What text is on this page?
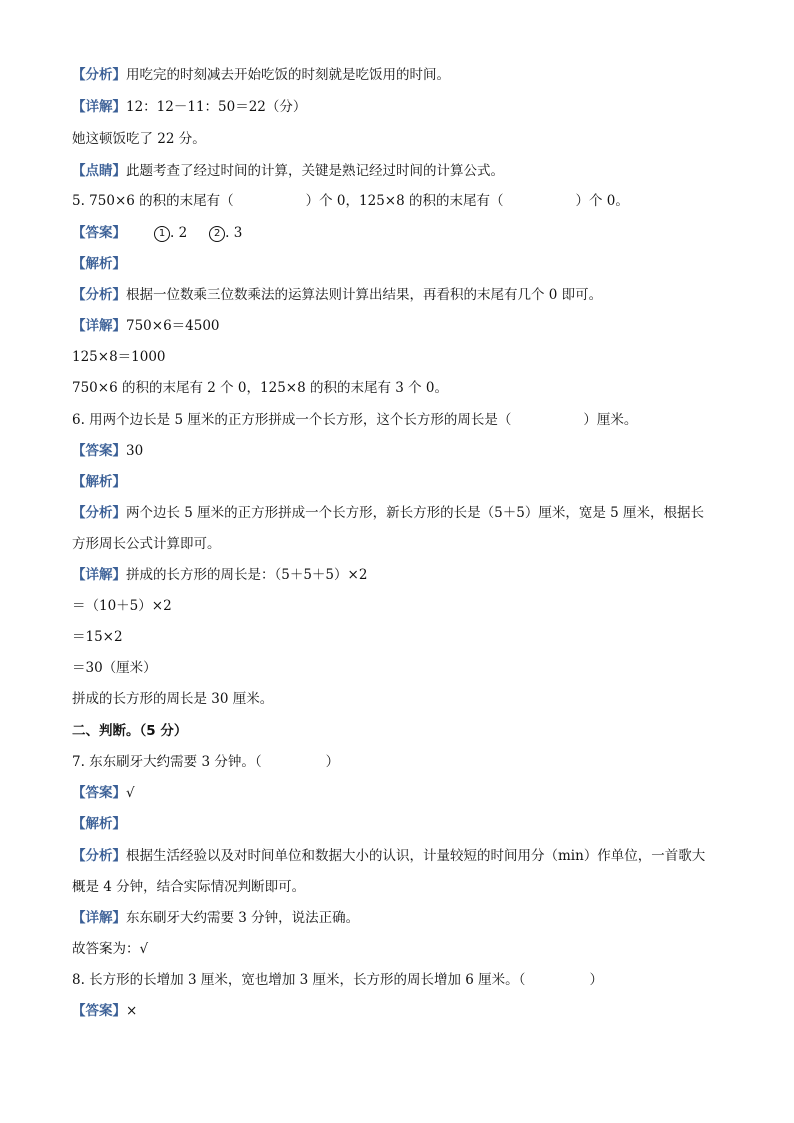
【分析】用吃完的时刻减去开始吃饭的时刻就是吃饭用的时间。
【详解】12：12－11：50＝22（分）
她这顿饭吃了 22 分。
【点睛】此题考查了经过时间的计算，关键是熟记经过时间的计算公式。
5. 750×6 的积的末尾有（	）个 0，125×8 的积的末尾有（	）个 0。
【答案】	1 . 2	2 . 3
【解析】
【分析】根据一位数乘三位数乘法的运算法则计算出结果，再看积的末尾有几个 0 即可。
【详解】750×6＝4500
125×8＝1000
750×6 的积的末尾有 2 个 0，125×8 的积的末尾有 3 个 0。
6. 用两个边长是 5 厘米的正方形拼成一个长方形，这个长方形的周长是（	）厘米。
【答案】30
【解析】
【分析】两个边长 5 厘米的正方形拼成一个长方形，新长方形的长是（5＋5）厘米，宽是 5 厘米，根据长
方形周长公式计算即可。
【详解】拼成的长方形的周长是：（5＋5＋5）×2
＝（10＋5）×2
＝15×2
＝30（厘米）
拼成的长方形的周长是 30 厘米。
二、判断。（5 分）
7. 东东刷牙大约需要 3 分钟。（	）
【答案】√
【解析】
【分析】根据生活经验以及对时间单位和数据大小的认识，计量较短的时间用分（min）作单位，一首歌大
概是 4 分钟，结合实际情况判断即可。
【详解】东东刷牙大约需要 3 分钟，说法正确。
故答案为：√
8. 长方形的长增加 3 厘米，宽也增加 3 厘米，长方形的周长增加 6 厘米。（	）
【答案】×
